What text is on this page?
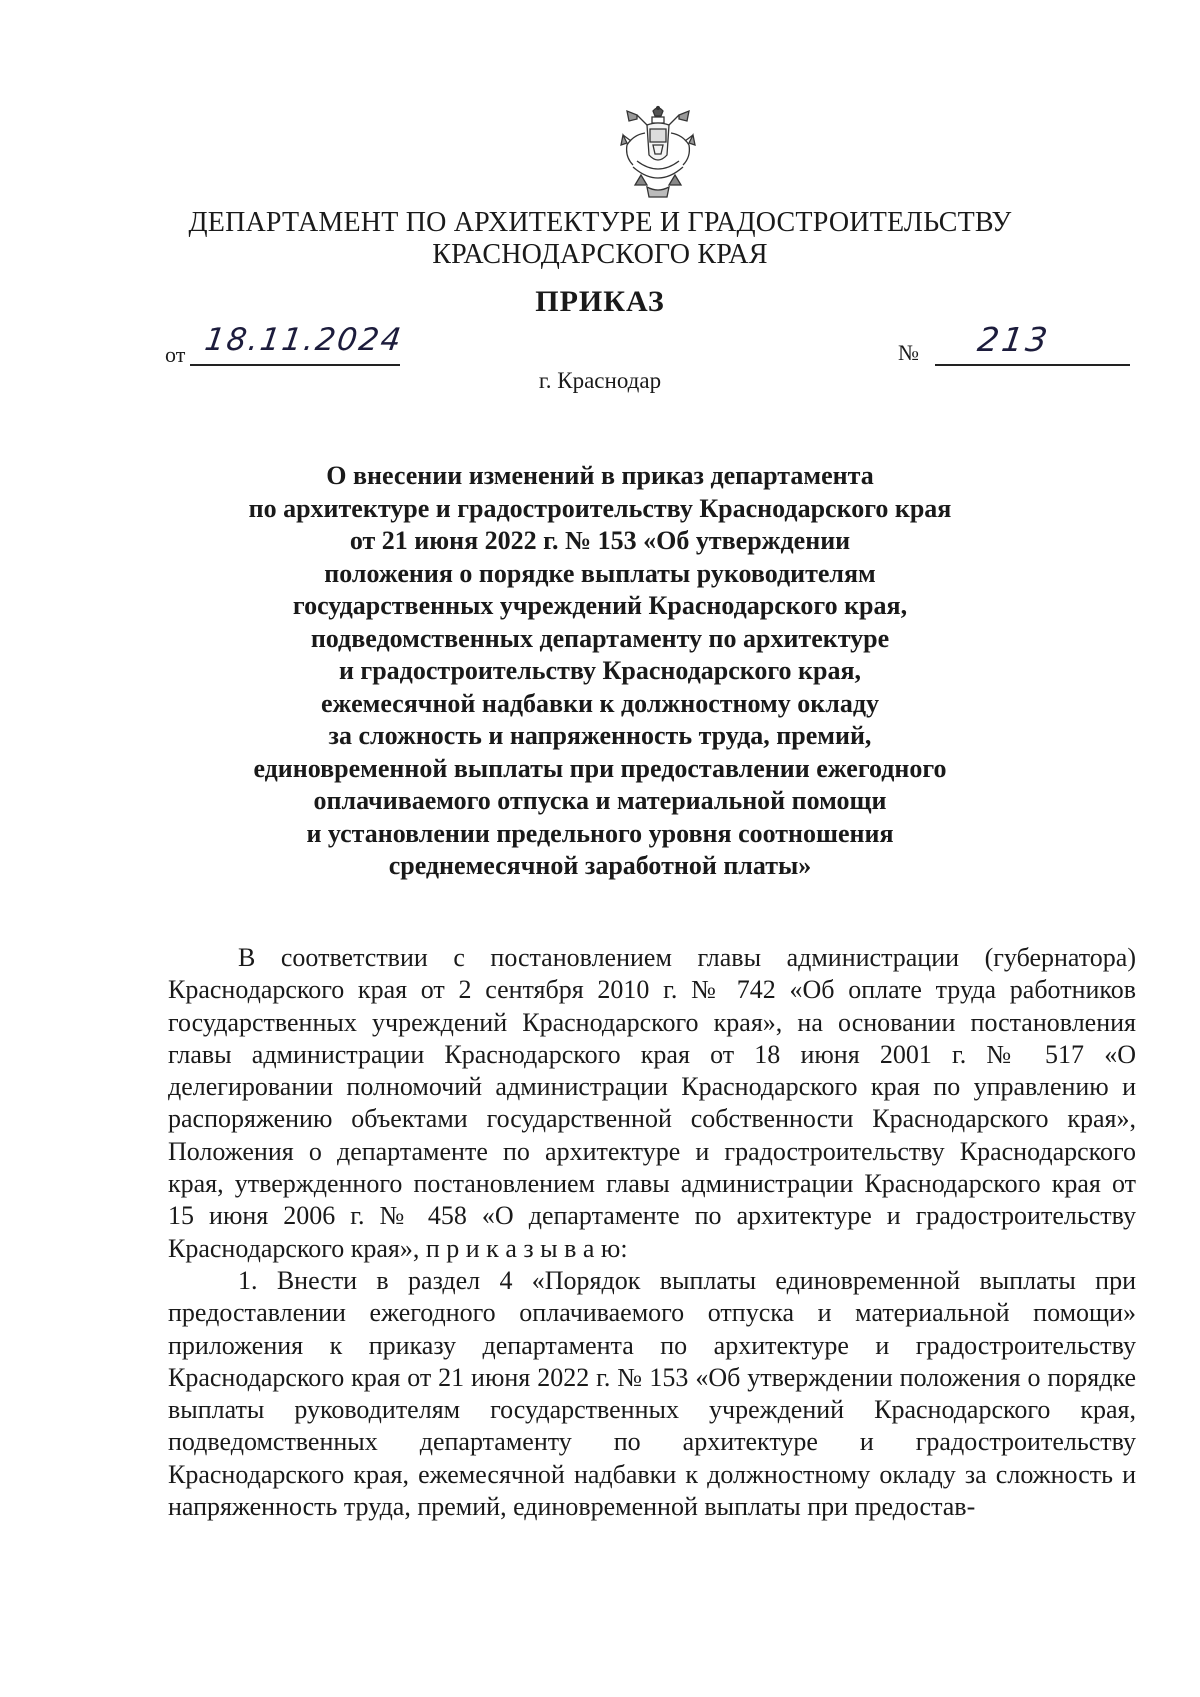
ДЕПАРТАМЕНТ ПО АРХИТЕКТУРЕ И ГРАДОСТРОИТЕЛЬСТВУ
КРАСНОДАРСКОГО КРАЯ
ПРИКАЗ
от 18.11.2024	№ 213
г. Краснодар
О внесении изменений в приказ департамента
по архитектуре и градостроительству Краснодарского края
от 21 июня 2022 г. № 153 «Об утверждении
положения о порядке выплаты руководителям
государственных учреждений Краснодарского края,
подведомственных департаменту по архитектуре
и градостроительству Краснодарского края,
ежемесячной надбавки к должностному окладу
за сложность и напряженность труда, премий,
единовременной выплаты при предоставлении ежегодного
оплачиваемого отпуска и материальной помощи
и установлении предельного уровня соотношения
среднемесячной заработной платы»

В соответствии с постановлением главы администрации (губернатора) Краснодарского края от 2 сентября 2010 г. № 742 «Об оплате труда работников государственных учреждений Краснодарского края», на основании постановления главы администрации Краснодарского края от 18 июня 2001 г. № 517 «О делегировании полномочий администрации Краснодарского края по управлению и распоряжению объектами государственной собственности Краснодарского края», Положения о департаменте по архитектуре и градостроительству Краснодарского края, утвержденного постановлением главы администрации Краснодарского края от 15 июня 2006 г. № 458 «О департаменте по архитектуре и градостроительству Краснодарского края», п р и к а з ы в а ю:

1. Внести в раздел 4 «Порядок выплаты единовременной выплаты при предоставлении ежегодного оплачиваемого отпуска и материальной помощи» приложения к приказу департамента по архитектуре и градостроительству Краснодарского края от 21 июня 2022 г. № 153 «Об утверждении положения о порядке выплаты руководителям государственных учреждений Краснодарского края, подведомственных департаменту по архитектуре и градостроительству Краснодарского края, ежемесячной надбавки к должностному окладу за сложность и напряженность труда, премий, единовременной выплаты при предостав-
